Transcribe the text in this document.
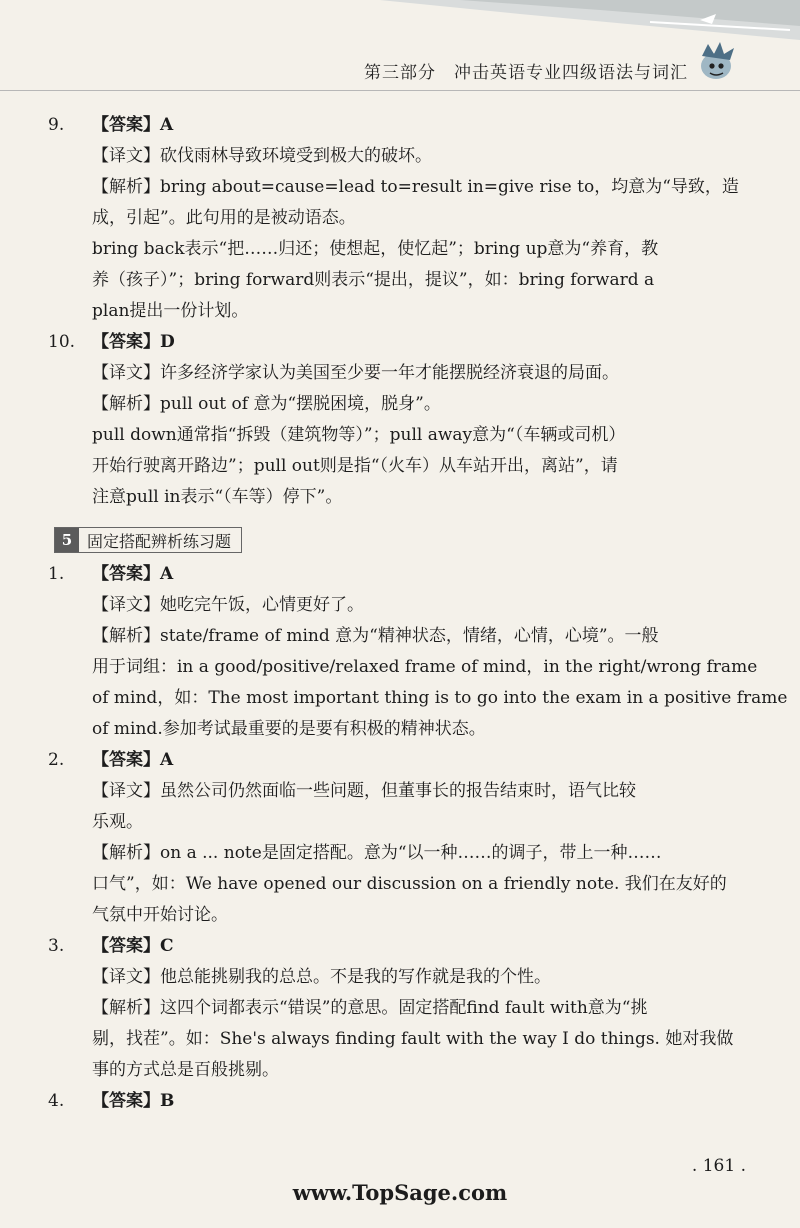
第三部分　冲击英语专业四级语法与词汇
9.	【答案】A
【译文】砍伐雨林导致环境受到极大的破坏。
【解析】bring about=cause=lead to=result in=give rise to，均意为“导致，造
成，引起”。此句用的是被动语态。
bring back表示“把……归还；使想起，使忆起”；bring up意为“养育，教
养（孩子）”；bring forward则表示“提出，提议”，如：bring forward a
plan提出一份计划。
10. 【答案】D
【译文】许多经济学家认为美国至少要一年才能摆脱经济衰退的局面。
【解析】pull out of 意为“摆脱困境，脱身”。
pull down通常指“拆毁（建筑物等）”；pull away意为“（车辆或司机）
开始行驶离开路边”；pull out则是指“（火车）从车站开出，离站”，请
注意pull in表示“（车等）停下”。
5 固定搭配辨析练习题
1.	【答案】A
【译文】她吃完午饭，心情更好了。
【解析】state/frame of mind 意为“精神状态，情绪，心情，心境”。一般
用于词组：in a good/positive/relaxed frame of mind，in the right/wrong frame
of mind，如：The most important thing is to go into the exam in a positive frame
of mind.参加考试最重要的是要有积极的精神状态。
2.	【答案】A
【译文】虽然公司仍然面临一些问题，但董事长的报告结束时，语气比较
乐观。
【解析】on a ... note是固定搭配。意为“以一种……的调子，带上一种……
口气”，如：We have opened our discussion on a friendly note. 我们在友好的
气氛中开始讨论。
3.	【答案】C
【译文】他总能挑剔我的总总。不是我的写作就是我的个性。
【解析】这四个词都表示“错误”的意思。固定搭配find fault with意为“挑
剔，找茬”。如：She's always finding fault with the way I do things. 她对我做
事的方式总是百般挑剔。
4.	【答案】B
. 161 .
www.TopSage.com
